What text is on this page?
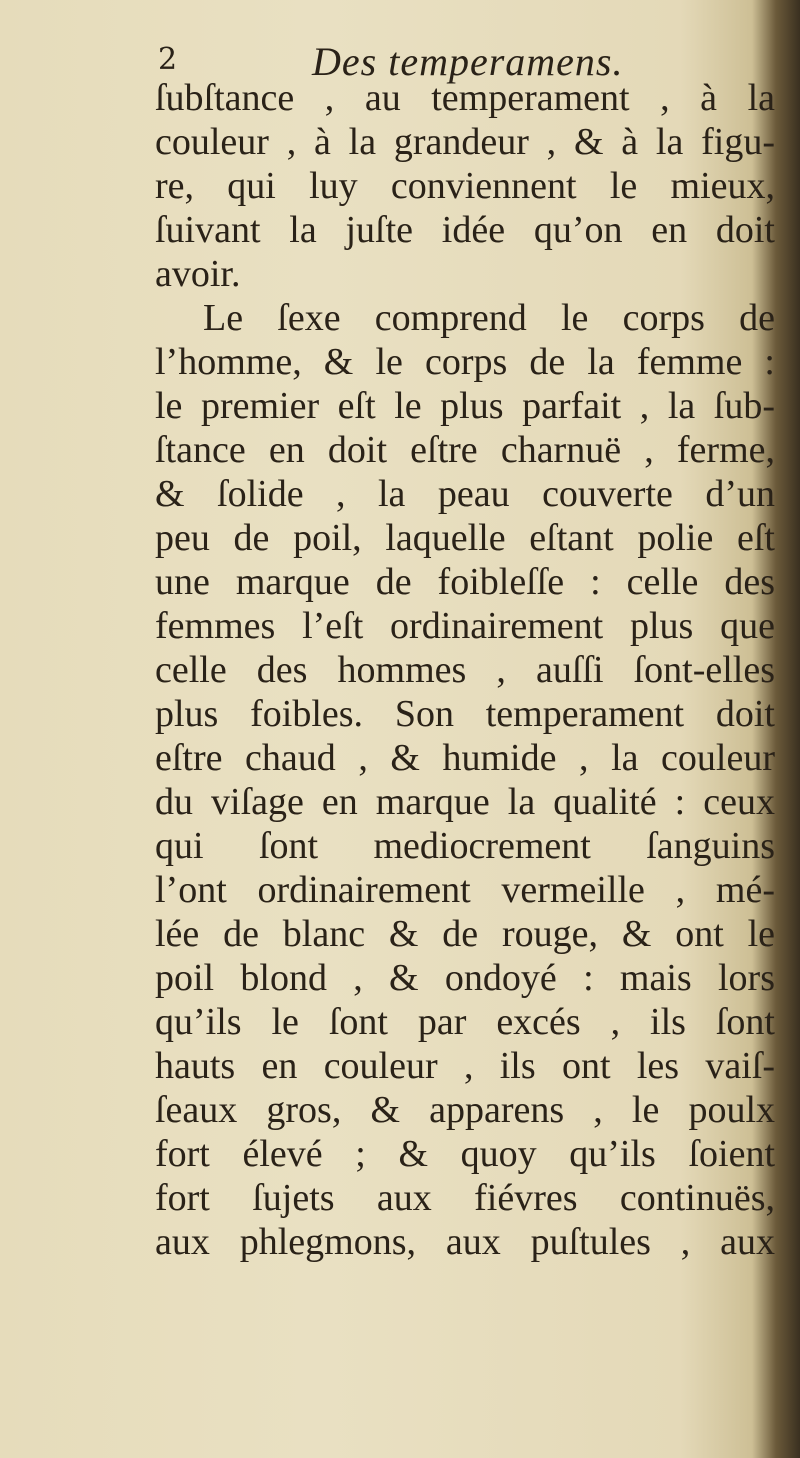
2	Des temperamens.
ſubſtance , au temperament , à la
couleur , à la grandeur , & à la figu-
re, qui luy conviennent le mieux,
ſuivant la juſte idée qu’on en doit
avoir.
Le ſexe comprend le corps de
l’homme, & le corps de la femme :
le premier eſt le plus parfait , la ſub-
ſtance en doit eſtre charnuë , ferme,
& ſolide , la peau couverte d’un
peu de poil, laquelle eſtant polie eſt
une marque de foibleſſe : celle des
femmes l’eſt ordinairement plus que
celle des hommes , auſſi ſont-elles
plus foibles. Son temperament doit
eſtre chaud , & humide , la couleur
du viſage en marque la qualité : ceux
qui ſont mediocrement ſanguins
l’ont ordinairement vermeille , mé-
lée de blanc & de rouge, & ont le
poil blond , & ondoyé : mais lors
qu’ils le ſont par excés , ils ſont
hauts en couleur , ils ont les vaiſ-
ſeaux gros, & apparens , le poulx
fort élevé ; & quoy qu’ils ſoient
fort ſujets aux fiévres continuës,
aux phlegmons, aux puſtules , aux
